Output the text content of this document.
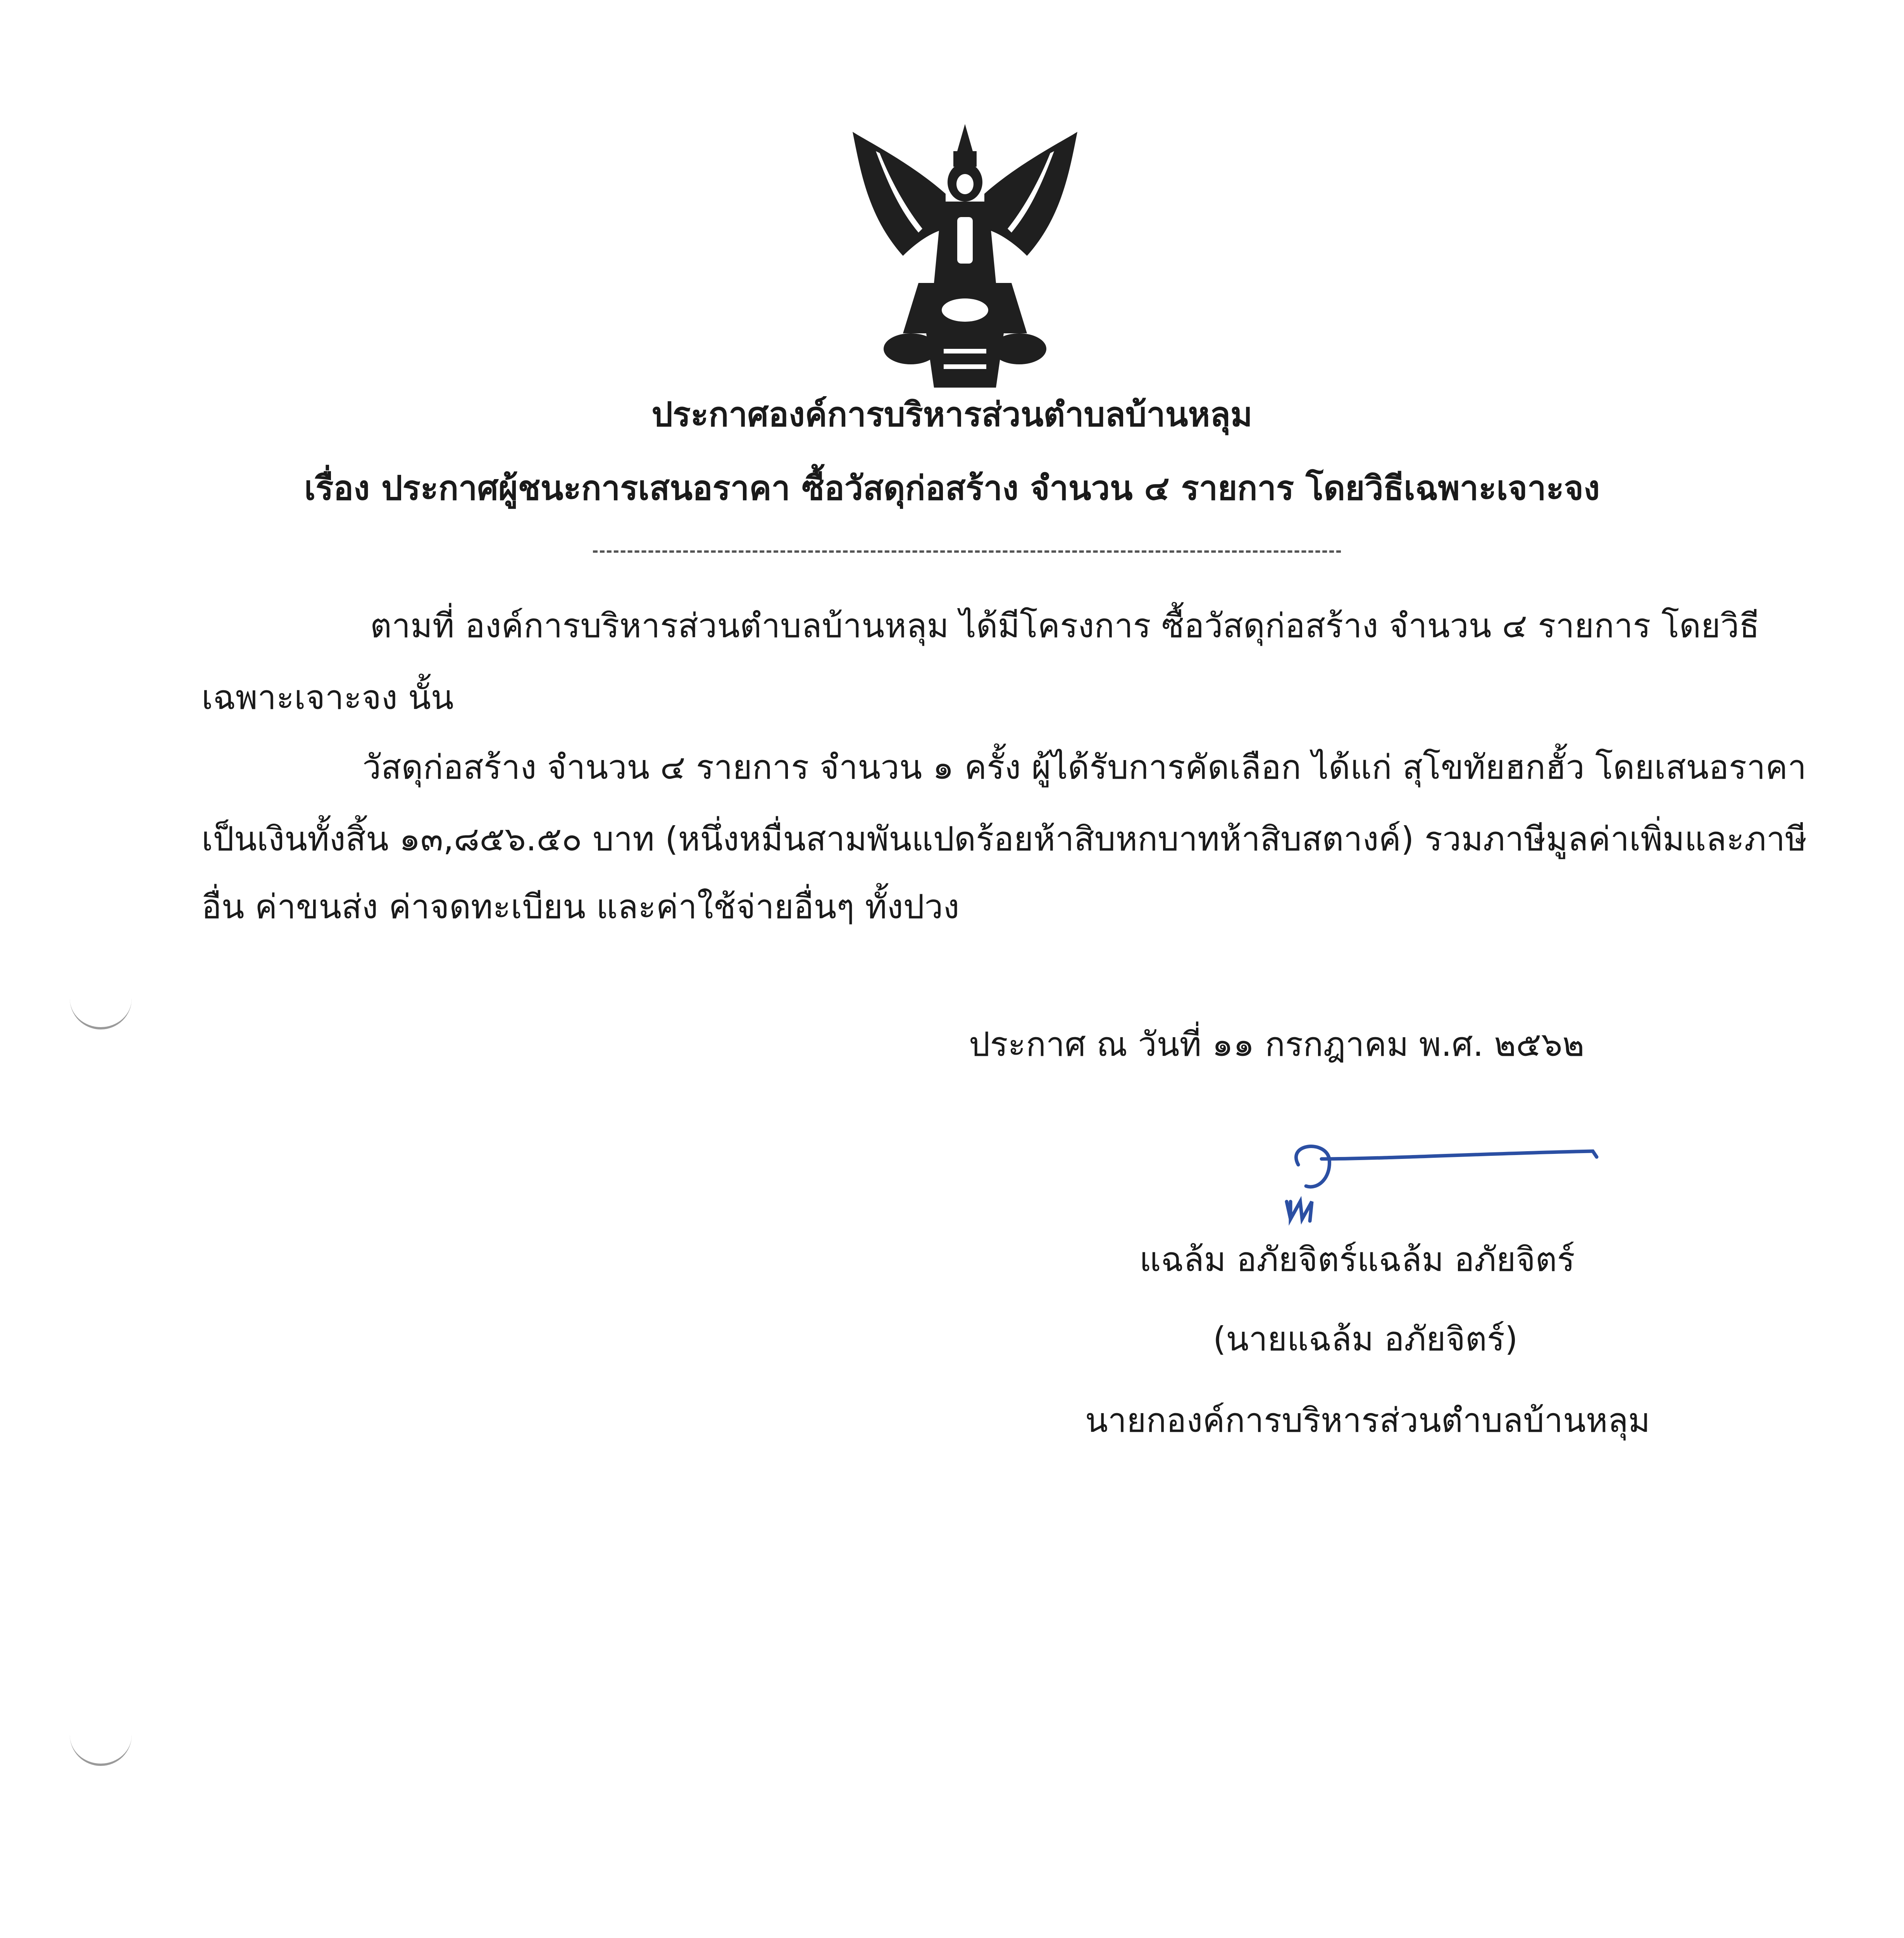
ประกาศองค์การบริหารส่วนตำบลบ้านหลุม
เรื่อง ประกาศผู้ชนะการเสนอราคา ซื้อวัสดุก่อสร้าง จำนวน ๔ รายการ โดยวิธีเฉพาะเจาะจง
ตามที่ องค์การบริหารส่วนตำบลบ้านหลุม ได้มีโครงการ ซื้อวัสดุก่อสร้าง จำนวน ๔ รายการ โดยวิธี
เฉพาะเจาะจง นั้น
วัสดุก่อสร้าง จำนวน ๔ รายการ จำนวน ๑ ครั้ง ผู้ได้รับการคัดเลือก ได้แก่ สุโขทัยฮกฮั้ว โดยเสนอราคา
เป็นเงินทั้งสิ้น ๑๓,๘๕๖.๕๐ บาท (หนึ่งหมื่นสามพันแปดร้อยห้าสิบหกบาทห้าสิบสตางค์) รวมภาษีมูลค่าเพิ่มและภาษี
อื่น ค่าขนส่ง ค่าจดทะเบียน และค่าใช้จ่ายอื่นๆ ทั้งปวง
ประกาศ ณ วันที่ ๑๑ กรกฎาคม พ.ศ. ๒๕๖๒
แฉล้ม อภัยจิตร์แฉล้ม อภัยจิตร์
(นายแฉล้ม อภัยจิตร์)
นายกองค์การบริหารส่วนตำบลบ้านหลุม
